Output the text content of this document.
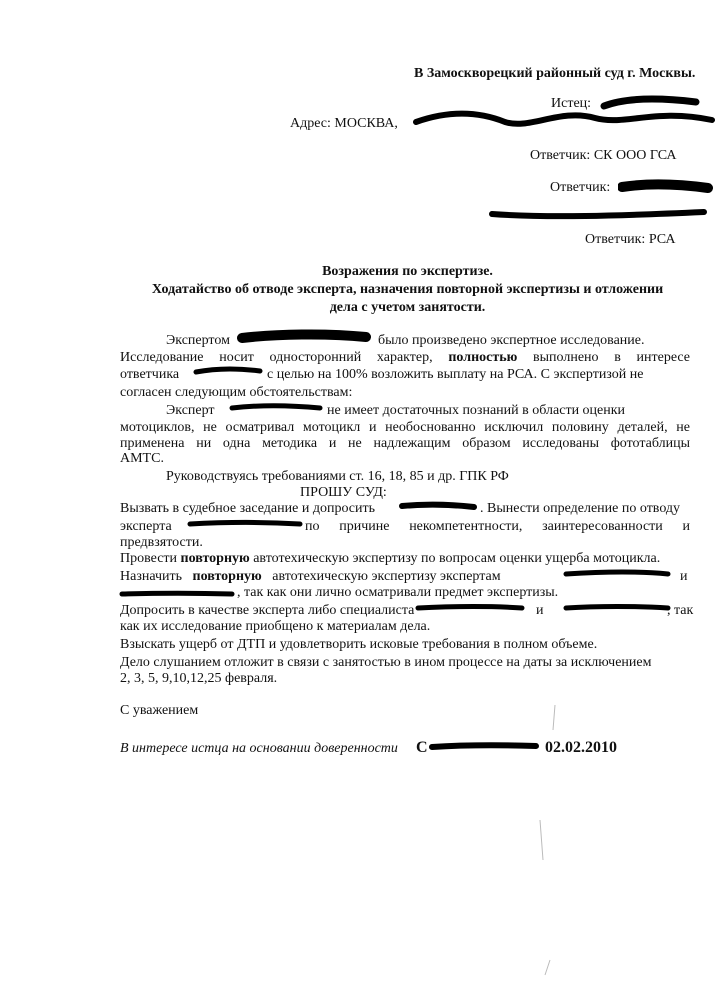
В Замоскворецкий районный суд г. Москвы.
Истец:
Адрес: МОСКВА,
Ответчик: СК ООО ГСА
Ответчик:
Ответчик: РСА
Возражения по экспертизе.
Ходатайство об отводе эксперта, назначения повторной экспертизы и отложении
дела с учетом занятости.
Экспертом	было произведено экспертное исследование.
Исследование носит односторонний характер, полностью выполнено в интересе
ответчика	с целью на 100% возложить выплату на РСА. С экспертизой не
согласен следующим обстоятельствам:
Эксперт	не имеет достаточных познаний в области оценки
мотоциклов, не осматривал мотоцикл и необоснованно исключил половину деталей, не
применена ни одна методика и не надлежащим образом исследованы фототаблицы
АМТС.
Руководствуясь требованиями ст. 16, 18, 85 и др. ГПК РФ
ПРОШУ СУД:
Вызвать в судебное заседание и допросить	. Вынести определение по отводу
эксперта	по причине некомпетентности, заинтересованности и
предвзятости.
Провести повторную автотехическую экспертизу по вопросам оценки ущерба мотоцикла.
Назначить повторную автотехическую экспертизу экспертам	и
, так как они лично осматривали предмет экспертизы.
Допросить в качестве эксперта либо специалиста	и	, так
как их исследование приобщено к материалам дела.
Взыскать ущерб от ДТП и удовлетворить исковые требования в полном объеме.
Дело слушанием отложит в связи с занятостью в ином процессе на даты за исключением
2, 3, 5, 9,10,12,25 февраля.
С уважением
В интересе истца на основании доверенности С	02.02.2010
